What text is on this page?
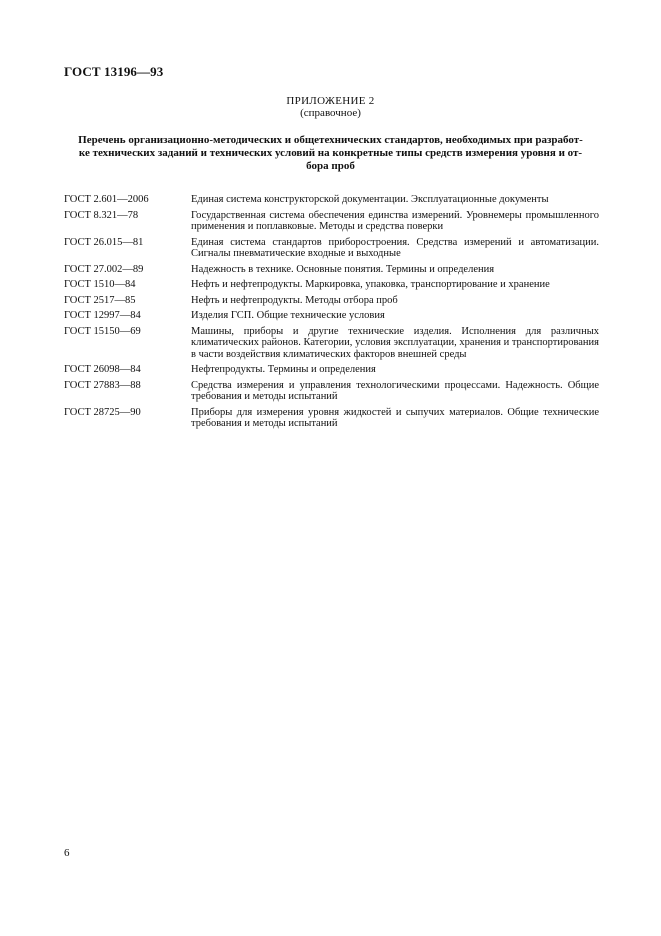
ГОСТ 13196—93
ПРИЛОЖЕНИЕ 2
(справочное)
Перечень организационно-методических и общетехнических стандартов, необходимых при разработ-
ке технических заданий и технических условий на конкретные типы средств измерения уровня и от-
бора проб
ГОСТ 2.601—2006	Единая система конструкторской документации. Эксплуатационные документы
ГОСТ 8.321—78	Государственная система обеспечения единства измерений. Уровнемеры промышленного применения и поплавковые. Методы и средства поверки
ГОСТ 26.015—81	Единая система стандартов приборостроения. Средства измерений и автоматизации. Сигналы пневматические входные и выходные
ГОСТ 27.002—89	Надежность в технике. Основные понятия. Термины и определения
ГОСТ 1510—84	Нефть и нефтепродукты. Маркировка, упаковка, транспортирование и хранение
ГОСТ 2517—85	Нефть и нефтепродукты. Методы отбора проб
ГОСТ 12997—84	Изделия ГСП. Общие технические условия
ГОСТ 15150—69	Машины, приборы и другие технические изделия. Исполнения для различных климатических районов. Категории, условия эксплуатации, хранения и транспортирования в части воздействия климатических факторов внешней среды
ГОСТ 26098—84	Нефтепродукты. Термины и определения
ГОСТ 27883—88	Средства измерения и управления технологическими процессами. Надежность. Общие требования и методы испытаний
ГОСТ 28725—90	Приборы для измерения уровня жидкостей и сыпучих материалов. Общие технические требования и методы испытаний
6
